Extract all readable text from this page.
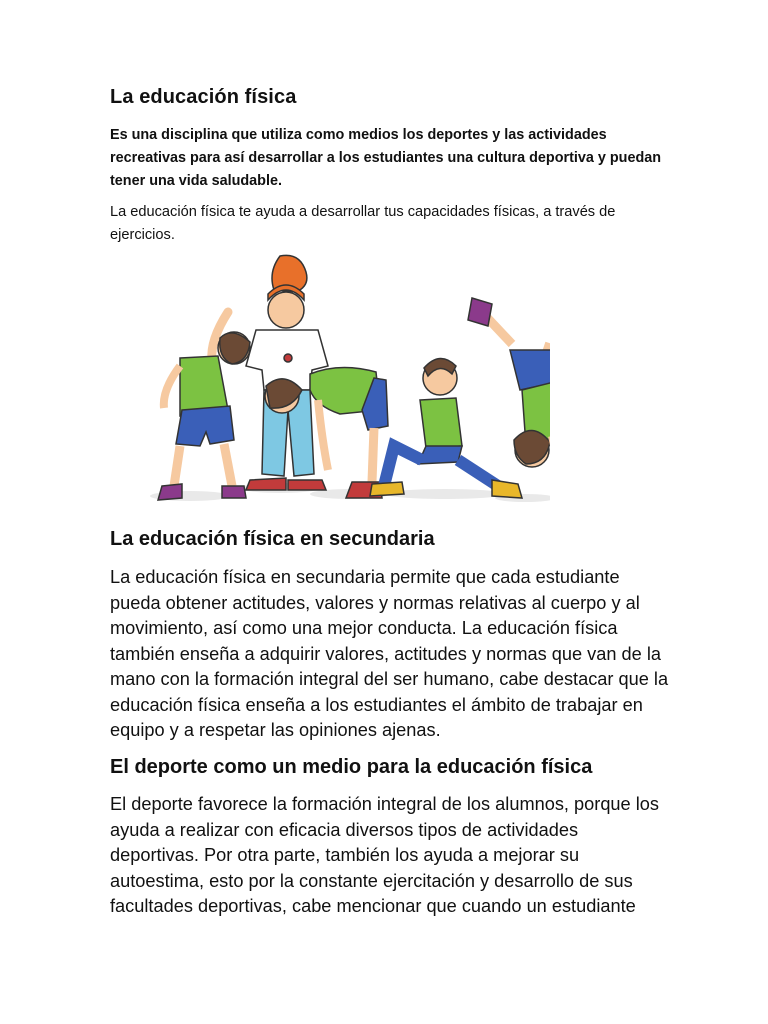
La educación física

Es una disciplina que utiliza como medios los deportes y las actividades recreativas para así desarrollar a los estudiantes una cultura deportiva y puedan tener una vida saludable.

La educación física te ayuda a desarrollar tus capacidades físicas, a través de ejercicios.

La educación física en secundaria

La educación física en secundaria permite que cada estudiante pueda obtener actitudes, valores y normas relativas al cuerpo y al movimiento, así como una mejor conducta. La educación física también enseña a adquirir valores, actitudes y normas que van de la mano con la formación integral del ser humano, cabe destacar que la educación física enseña a los estudiantes el ámbito de trabajar en equipo y a respetar las opiniones ajenas.

El deporte como un medio para la educación física

El deporte favorece la formación integral de los alumnos, porque los ayuda a realizar con eficacia diversos tipos de actividades deportivas. Por otra parte, también los ayuda a mejorar su autoestima, esto por la constante ejercitación y desarrollo de sus facultades deportivas, cabe mencionar que cuando un estudiante
